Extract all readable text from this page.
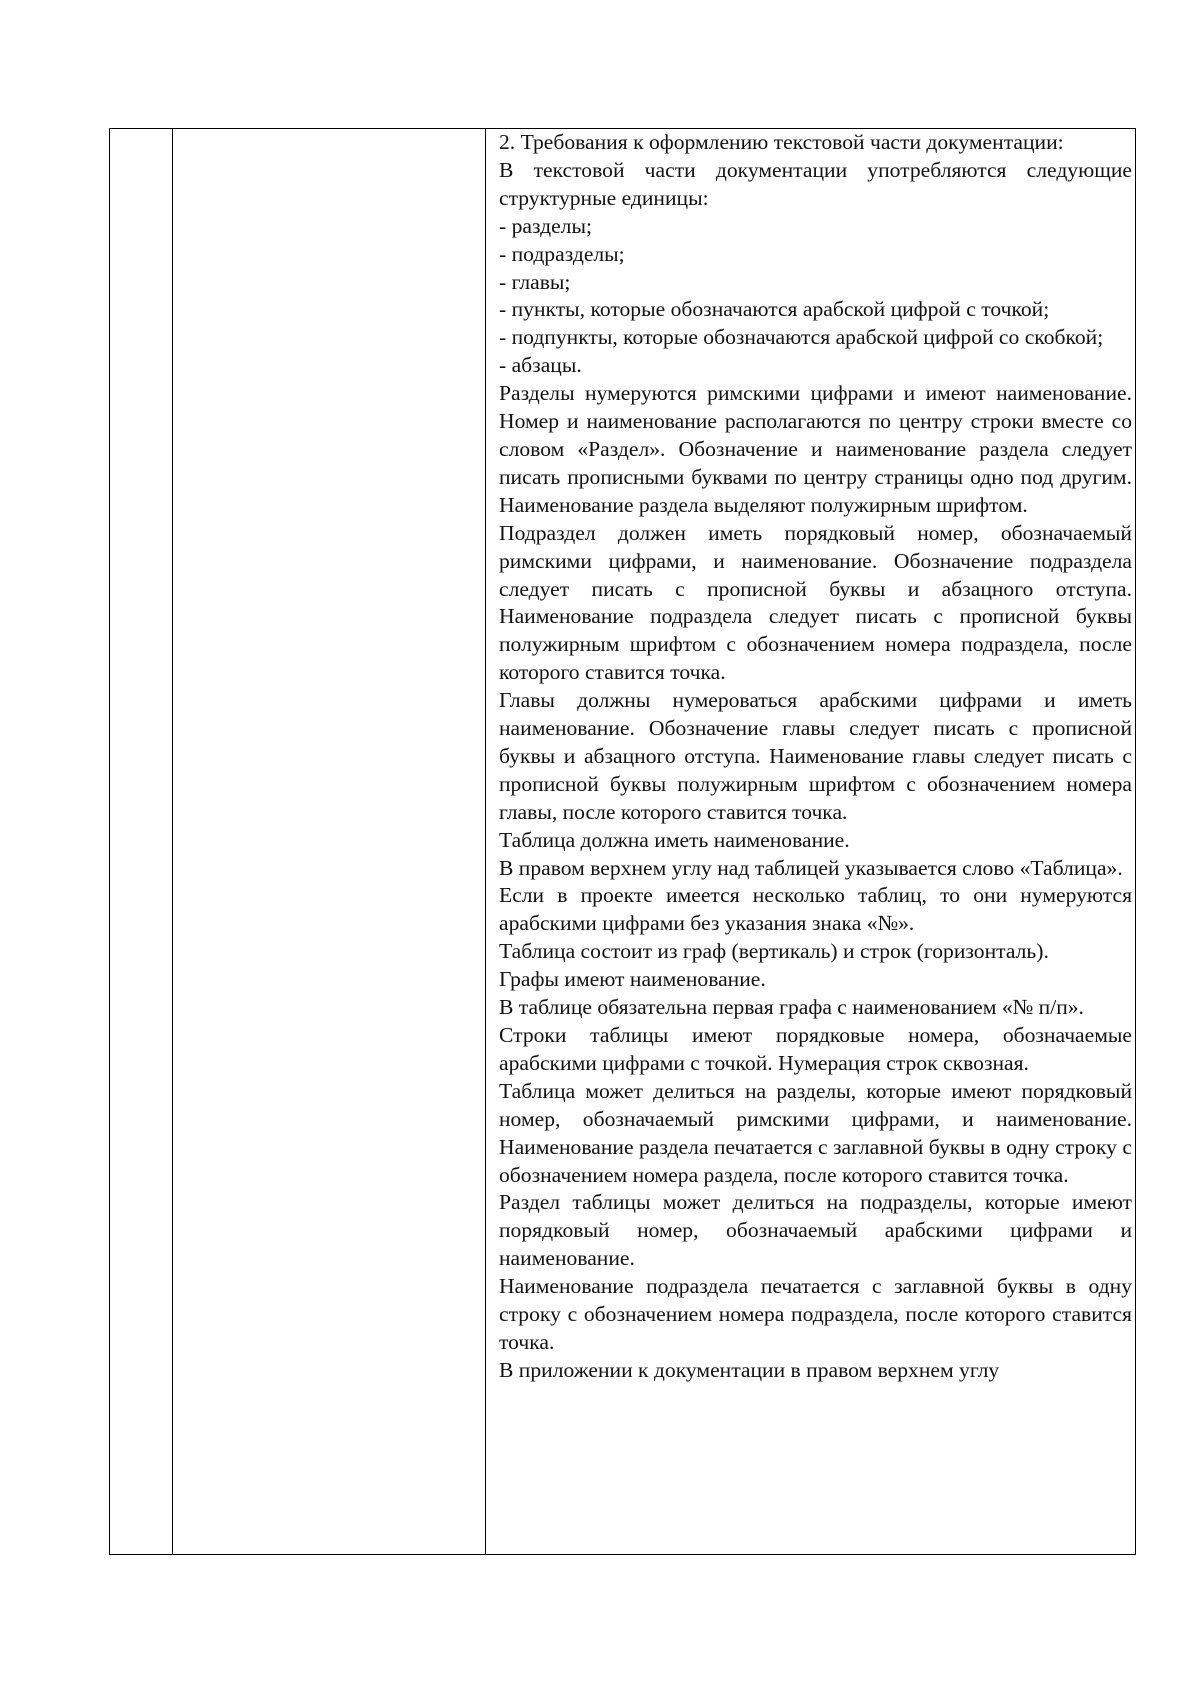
2. Требования к оформлению текстовой части документации:

В текстовой части документации употребляются следующие структурные единицы:

- разделы;

- подразделы;

- главы;

- пункты, которые обозначаются арабской цифрой с точкой;

- подпункты, которые обозначаются арабской цифрой со скобкой;

- абзацы.

Разделы нумеруются римскими цифрами и имеют наименование. Номер и наименование располагаются по центру строки вместе со словом «Раздел». Обозначение и наименование раздела следует писать прописными буквами по центру страницы одно под другим. Наименование раздела выделяют полужирным шрифтом.

Подраздел должен иметь порядковый номер, обозначаемый римскими цифрами, и наименование. Обозначение подраздела следует писать с прописной буквы и абзацного отступа. Наименование подраздела следует писать с прописной буквы полужирным шрифтом с обозначением номера подраздела, после которого ставится точка.

Главы должны нумероваться арабскими цифрами и иметь наименование. Обозначение главы следует писать с прописной буквы и абзацного отступа. Наименование главы следует писать с прописной буквы полужирным шрифтом с обозначением номера главы, после которого ставится точка.

Таблица должна иметь наименование.

В правом верхнем углу над таблицей указывается слово «Таблица».

Если в проекте имеется несколько таблиц, то они нумеруются арабскими цифрами без указания знака «№».

Таблица состоит из граф (вертикаль) и строк (горизонталь).

Графы имеют наименование.

В таблице обязательна первая графа с наименованием «№ п/п».

Строки таблицы имеют порядковые номера, обозначаемые арабскими цифрами с точкой. Нумерация строк сквозная.

Таблица может делиться на разделы, которые имеют порядковый номер, обозначаемый римскими цифрами, и наименование. Наименование раздела печатается с заглавной буквы в одну строку с обозначением номера раздела, после которого ставится точка.

Раздел таблицы может делиться на подразделы, которые имеют порядковый номер, обозначаемый арабскими цифрами и наименование.

Наименование подраздела печатается с заглавной буквы в одну строку с обозначением номера подраздела, после которого ставится точка.

В приложении к документации в правом верхнем углу
